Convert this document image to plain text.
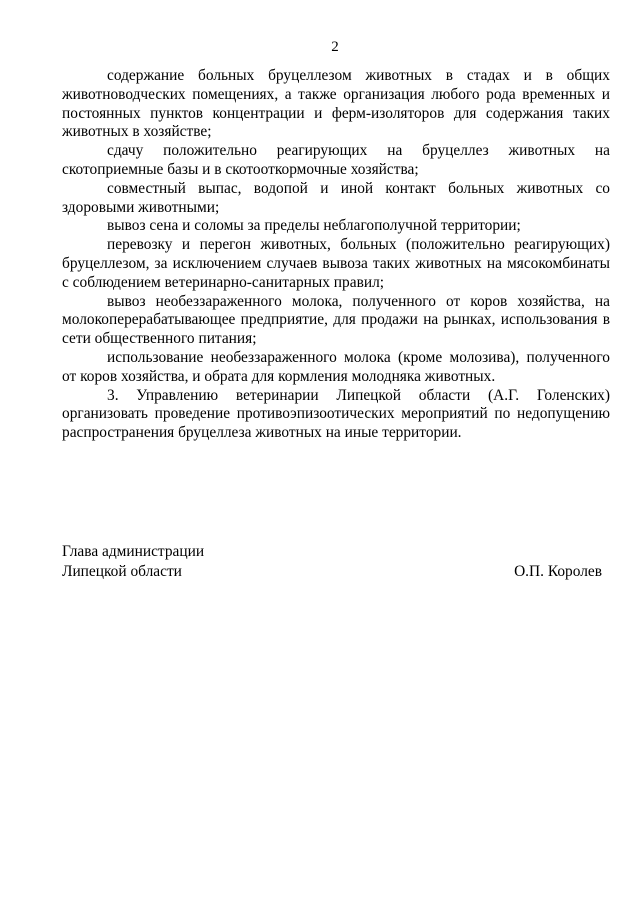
2

содержание больных бруцеллезом животных в стадах и в общих животноводческих помещениях, а также организация любого рода временных и постоянных пунктов концентрации и ферм-изоляторов для содержания таких животных в хозяйстве;

сдачу положительно реагирующих на бруцеллез животных на скотоприемные базы и в скотооткормочные хозяйства;

совместный выпас, водопой и иной контакт больных животных со здоровыми животными;

вывоз сена и соломы за пределы неблагополучной территории;

перевозку и перегон животных, больных (положительно реагирующих) бруцеллезом, за исключением случаев вывоза таких животных на мясокомбинаты с соблюдением ветеринарно-санитарных правил;

вывоз необеззараженного молока, полученного от коров хозяйства, на молокоперерабатывающее предприятие, для продажи на рынках, использования в сети общественного питания;

использование необеззараженного молока (кроме молозива), полученного от коров хозяйства, и обрата для кормления молодняка животных.

3. Управлению ветеринарии Липецкой области (А.Г. Голенских) организовать проведение противоэпизоотических мероприятий по недопущению распространения бруцеллеза животных на иные территории.

Глава администрации
Липецкой области	О.П. Королев
